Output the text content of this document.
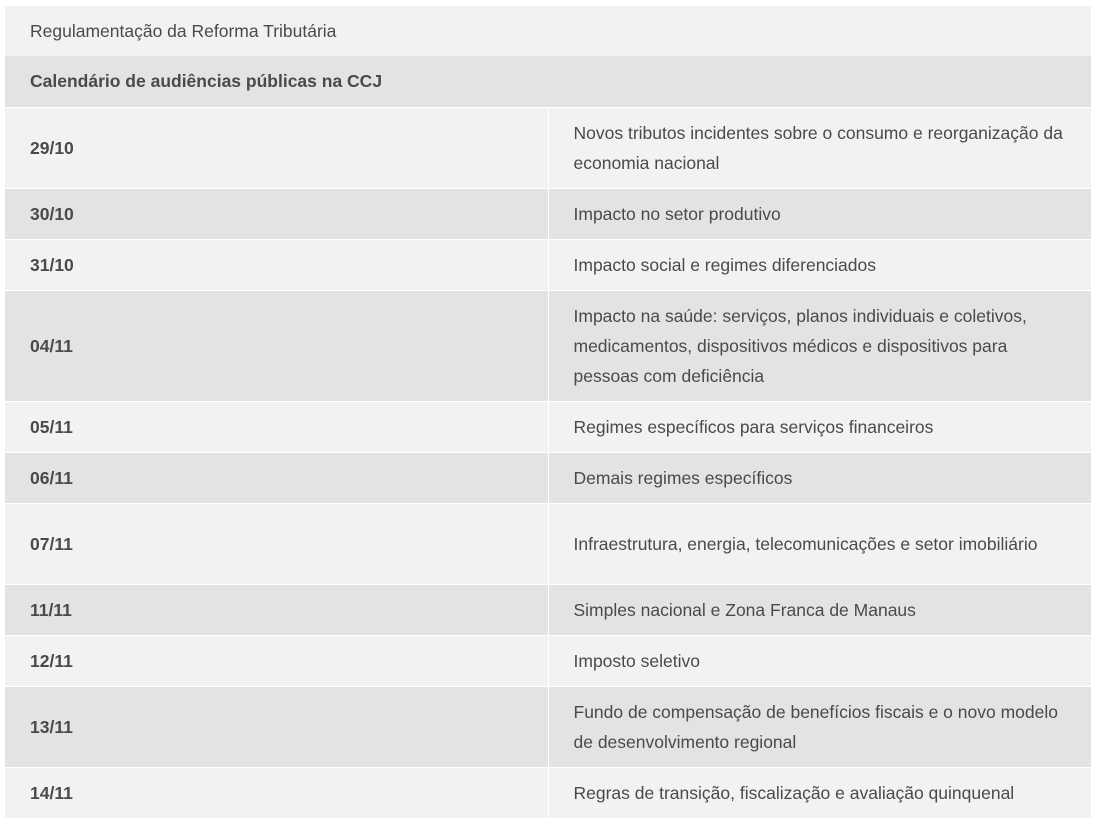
Regulamentação da Reforma Tributária	
Calendário de audiências públicas na CCJ	
29/10	Novos tributos incidentes sobre o consumo e reorganização da economia nacional
30/10	Impacto no setor produtivo
31/10	Impacto social e regimes diferenciados
04/11	Impacto na saúde: serviços, planos individuais e coletivos, medicamentos, dispositivos médicos e dispositivos para pessoas com deficiência
05/11	Regimes específicos para serviços financeiros
06/11	Demais regimes específicos
07/11	Infraestrutura, energia, telecomunicações e setor imobiliário
11/11	Simples nacional e Zona Franca de Manaus
12/11	Imposto seletivo
13/11	Fundo de compensação de benefícios fiscais e o novo modelo de desenvolvimento regional
14/11	Regras de transição, fiscalização e avaliação quinquenal
